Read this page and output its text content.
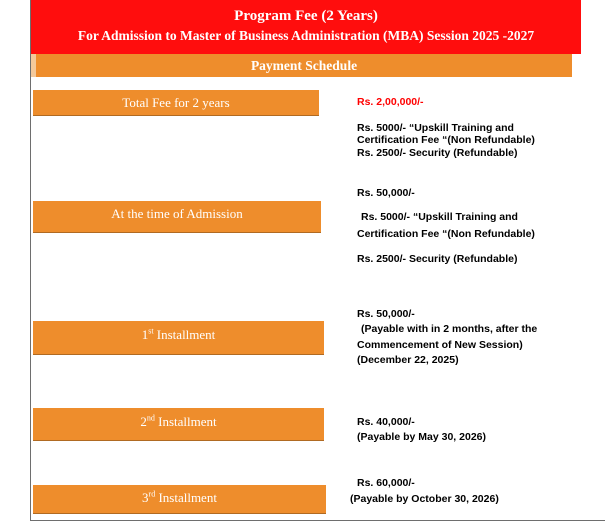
Program Fee (2 Years)
For Admission to Master of Business Administration (MBA) Session 2025 -2027
Payment Schedule
Total Fee for 2 years	Rs. 2,00,000/-
Rs. 5000/- “Upskill Training and
Certification Fee “(Non Refundable)
Rs. 2500/- Security (Refundable)
At the time of Admission
Rs. 50,000/-
Rs. 5000/- “Upskill Training and
Certification Fee “(Non Refundable)
Rs. 2500/- Security (Refundable)
1st Installment
Rs. 50,000/-
(Payable with in 2 months, after the
Commencement of New Session)
(December 22, 2025)
2nd Installment	Rs. 40,000/-
(Payable by May 30, 2026)
3rd Installment
Rs. 60,000/-
(Payable by October 30, 2026)
